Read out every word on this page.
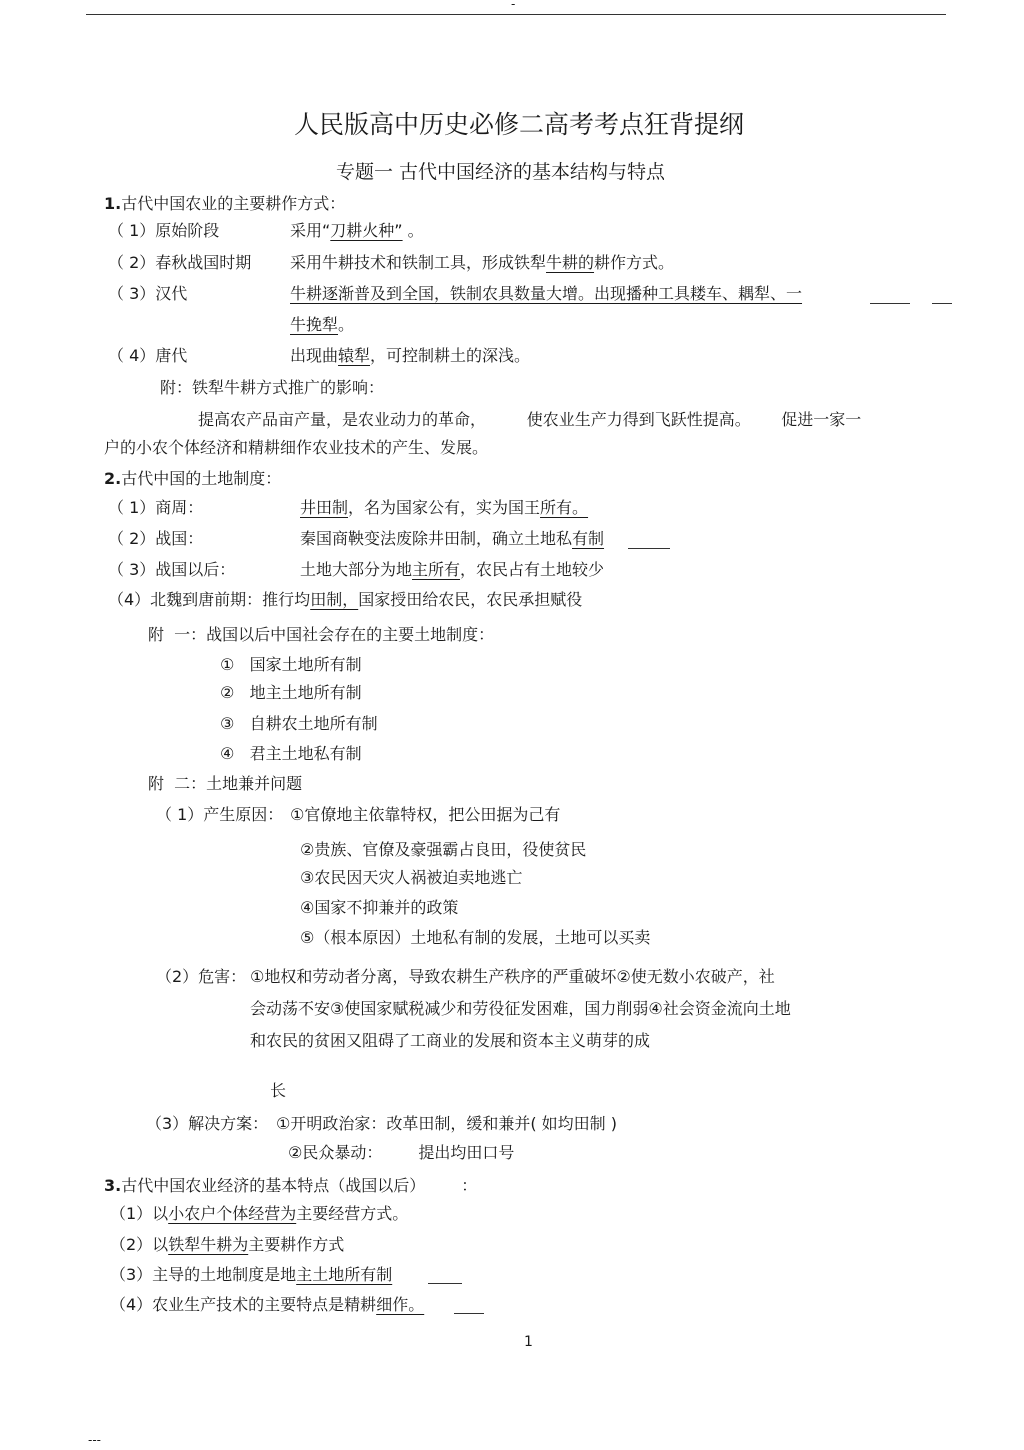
-
人民版高中历史必修二高考考点狂背提纲
专题一 古代中国经济的基本结构与特点
1.古代中国农业的主要耕作方式：
（ 1）原始阶段	采用“刀耕火种” 。
（ 2）春秋战国时期 采用牛耕技术和铁制工具，形成铁犁牛耕的耕作方式。
（ 3）汉代	牛耕逐渐普及到全国，铁制农具数量大增。出现播种工具耧车、耦犁、一
牛挽犁。
（ 4）唐代	出现曲辕犁，可控制耕土的深浅。
附：铁犁牛耕方式推广的影响：
提高农产品亩产量，是农业动力的革命，        使农业生产力得到飞跃性提高。      促进一家一
户的小农个体经济和精耕细作农业技术的产生、发展。
2.古代中国的土地制度：
（ 1）商周：	井田制，名为国家公有，实为国王所有。
（ 2）战国：	秦国商鞅变法废除井田制，确立土地私有制
（ 3）战国以后：	土地大部分为地主所有，农民占有土地较少
（4）北魏到唐前期：推行均田制，国家授田给农民，农民承担赋役
附  一：战国以后中国社会存在的主要土地制度：
①   国家土地所有制
②   地主土地所有制
③   自耕农土地所有制
④   君主土地私有制
附  二：土地兼并问题
（ 1）产生原因： ①官僚地主依靠特权，把公田据为己有
②贵族、官僚及豪强霸占良田，役使贫民
③农民因天灾人祸被迫卖地逃亡
④国家不抑兼并的政策
⑤（根本原因）土地私有制的发展，土地可以买卖
（2）危害： ①地权和劳动者分离，导致农耕生产秩序的严重破坏②使无数小农破产，社
会动荡不安③使国家赋税减少和劳役征发困难，国力削弱④社会资金流向土地
和农民的贫困又阻碍了工商业的发展和资本主义萌芽的成
长
（3）解决方案： ①开明政治家：改革田制，缓和兼并( 如均田制 )
②民众暴动： 提出均田口号
3.古代中国农业经济的基本特点（战国以后）	：
（1）以小农户个体经营为主要经营方式。
（2）以铁犁牛耕为主要耕作方式
（3）主导的土地制度是地主土地所有制
（4）农业生产技术的主要特点是精耕细作。
1
---
